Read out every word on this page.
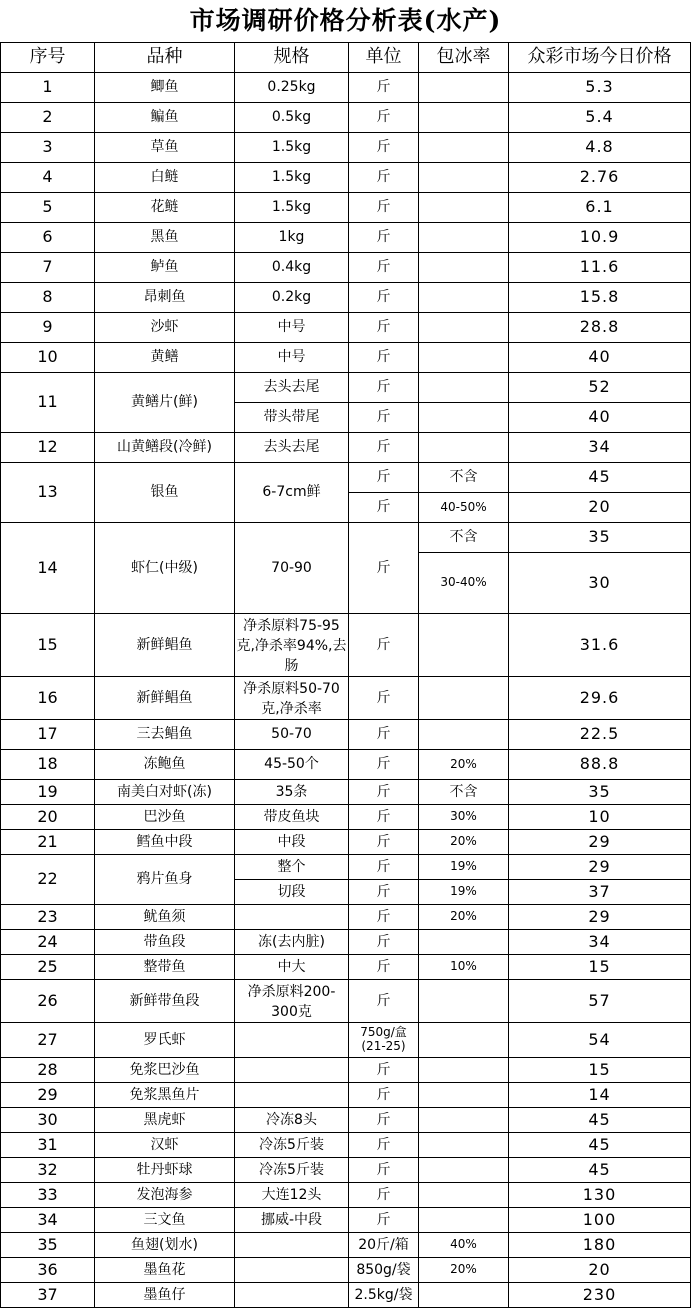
市场调研价格分析表(水产)
序号	品种	规格	单位	包冰率	众彩市场今日价格
1	鲫鱼	0.25kg	斤		5.3
2	鳊鱼	0.5kg	斤		5.4
3	草鱼	1.5kg	斤		4.8
4	白鲢	1.5kg	斤		2.76
5	花鲢	1.5kg	斤		6.1
6	黑鱼	1kg	斤		10.9
7	鲈鱼	0.4kg	斤		11.6
8	昂刺鱼	0.2kg	斤		15.8
9	沙虾	中号	斤		28.8
10	黄鳝	中号	斤		40
11	黄鳝片(鲜)	去头去尾	斤		52
		带头带尾	斤		40
12	山黄鳝段(冷鲜)	去头去尾	斤		34
13	银鱼	6-7cm鲜	斤	不含	45
			斤	40-50%	20
14	虾仁(中级)	70-90	斤	不含	35
				30-40%	30
15	新鲜鲳鱼	净杀原料75-95克,净杀率94%,去肠	斤		31.6
16	新鲜鲳鱼	净杀原料50-70克,净杀率	斤		29.6
17	三去鲳鱼	50-70	斤		22.5
18	冻鲍鱼	45-50个	斤	20%	88.8
19	南美白对虾(冻)	35条	斤	不含	35
20	巴沙鱼	带皮鱼块	斤	30%	10
21	鳕鱼中段	中段	斤	20%	29
22	鸦片鱼身	整个	斤	19%	29
		切段	斤	19%	37
23	鱿鱼须		斤	20%	29
24	带鱼段	冻(去内脏)	斤		34
25	整带鱼	中大	斤	10%	15
26	新鲜带鱼段	净杀原料200-300克	斤		57
27	罗氏虾		750g/盒(21-25)		54
28	免浆巴沙鱼		斤		15
29	免浆黑鱼片		斤		14
30	黑虎虾	冷冻8头	斤		45
31	汉虾	冷冻5斤装	斤		45
32	牡丹虾球	冷冻5斤装	斤		45
33	发泡海参	大连12头	斤		130
34	三文鱼	挪威-中段	斤		100
35	鱼翅(划水)		20斤/箱	40%	180
36	墨鱼花		850g/袋	20%	20
37	墨鱼仔		2.5kg/袋		230
